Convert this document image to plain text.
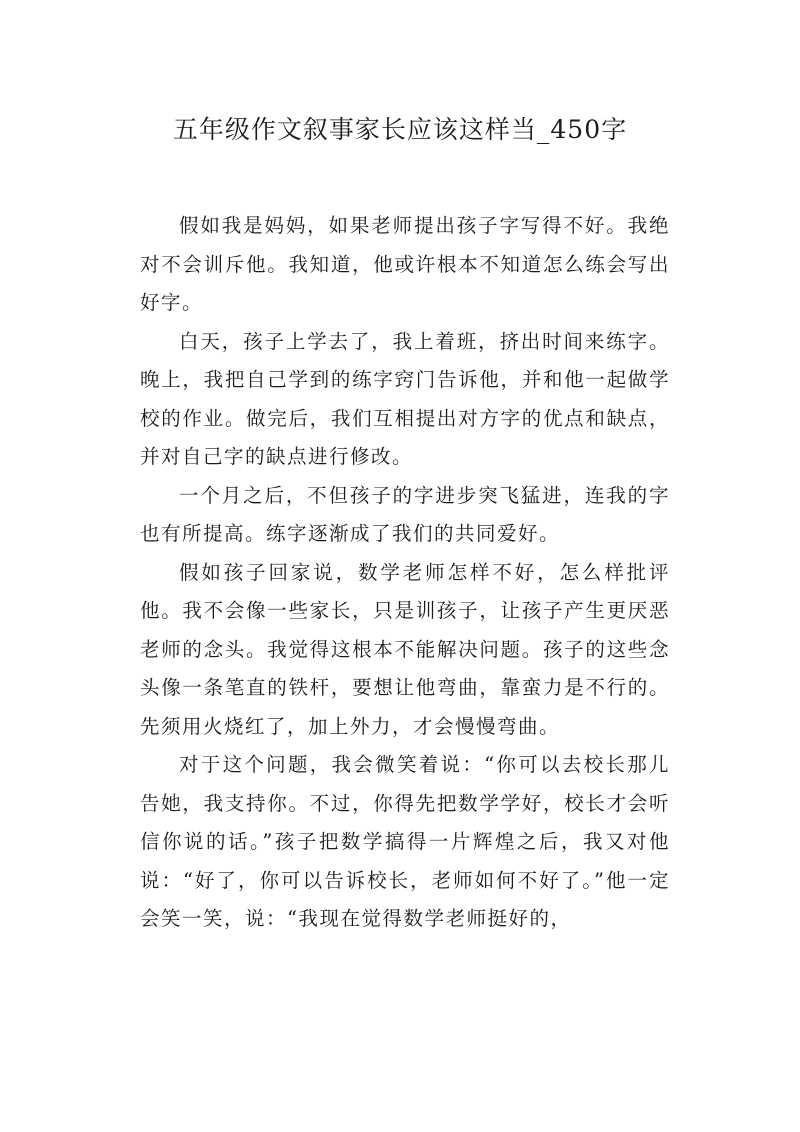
五年级作文叙事家长应该这样当_450字

假如我是妈妈，如果老师提出孩子字写得不好。我绝对不会训斥他。我知道，他或许根本不知道怎么练会写出好字。

白天，孩子上学去了，我上着班，挤出时间来练字。晚上，我把自己学到的练字窍门告诉他，并和他一起做学校的作业。做完后，我们互相提出对方字的优点和缺点，并对自己字的缺点进行修改。

一个月之后，不但孩子的字进步突飞猛进，连我的字也有所提高。练字逐渐成了我们的共同爱好。

假如孩子回家说，数学老师怎样不好，怎么样批评他。我不会像一些家长，只是训孩子，让孩子产生更厌恶老师的念头。我觉得这根本不能解决问题。孩子的这些念头像一条笔直的铁杆，要想让他弯曲，靠蛮力是不行的。先须用火烧红了，加上外力，才会慢慢弯曲。

对于这个问题，我会微笑着说：“你可以去校长那儿告她，我支持你。不过，你得先把数学学好，校长才会听信你说的话。”孩子把数学搞得一片辉煌之后，我又对他说：“好了，你可以告诉校长，老师如何不好了。”他一定会笑一笑，说：“我现在觉得数学老师挺好的，
